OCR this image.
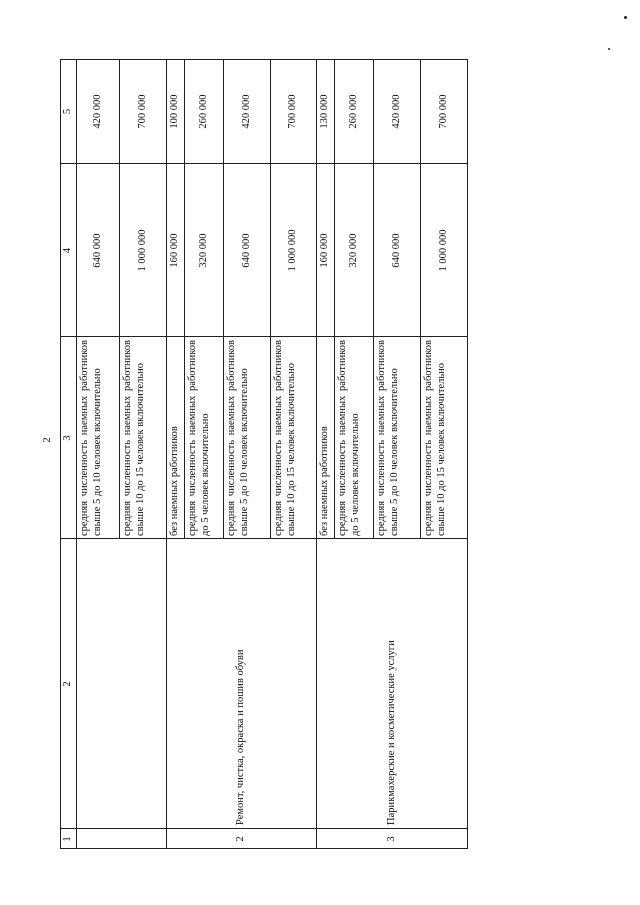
2
1
2
3
4
5
средняя численность наемных работников свыше 5 до 10 человек включительно
640 000
420 000
средняя численность наемных работников свыше 10 до 15 человек включительно
1 000 000
700 000
2
Ремонт, чистка, окраска и пошив обуви
без наемных работников
160 000
100 000
средняя численность наемных работников до 5 человек включительно
320 000
260 000
средняя численность наемных работников свыше 5 до 10 человек включительно
640 000
420 000
средняя численность наемных работников свыше 10 до 15 человек включительно
1 000 000
700 000
3
Парикмахерские и косметические услуги
без наемных работников
160 000
130 000
средняя численность наемных работников до 5 человек включительно
320 000
260 000
средняя численность наемных работников свыше 5 до 10 человек включительно
640 000
420 000
средняя численность наемных работников свыше 10 до 15 человек включительно
1 000 000
700 000
